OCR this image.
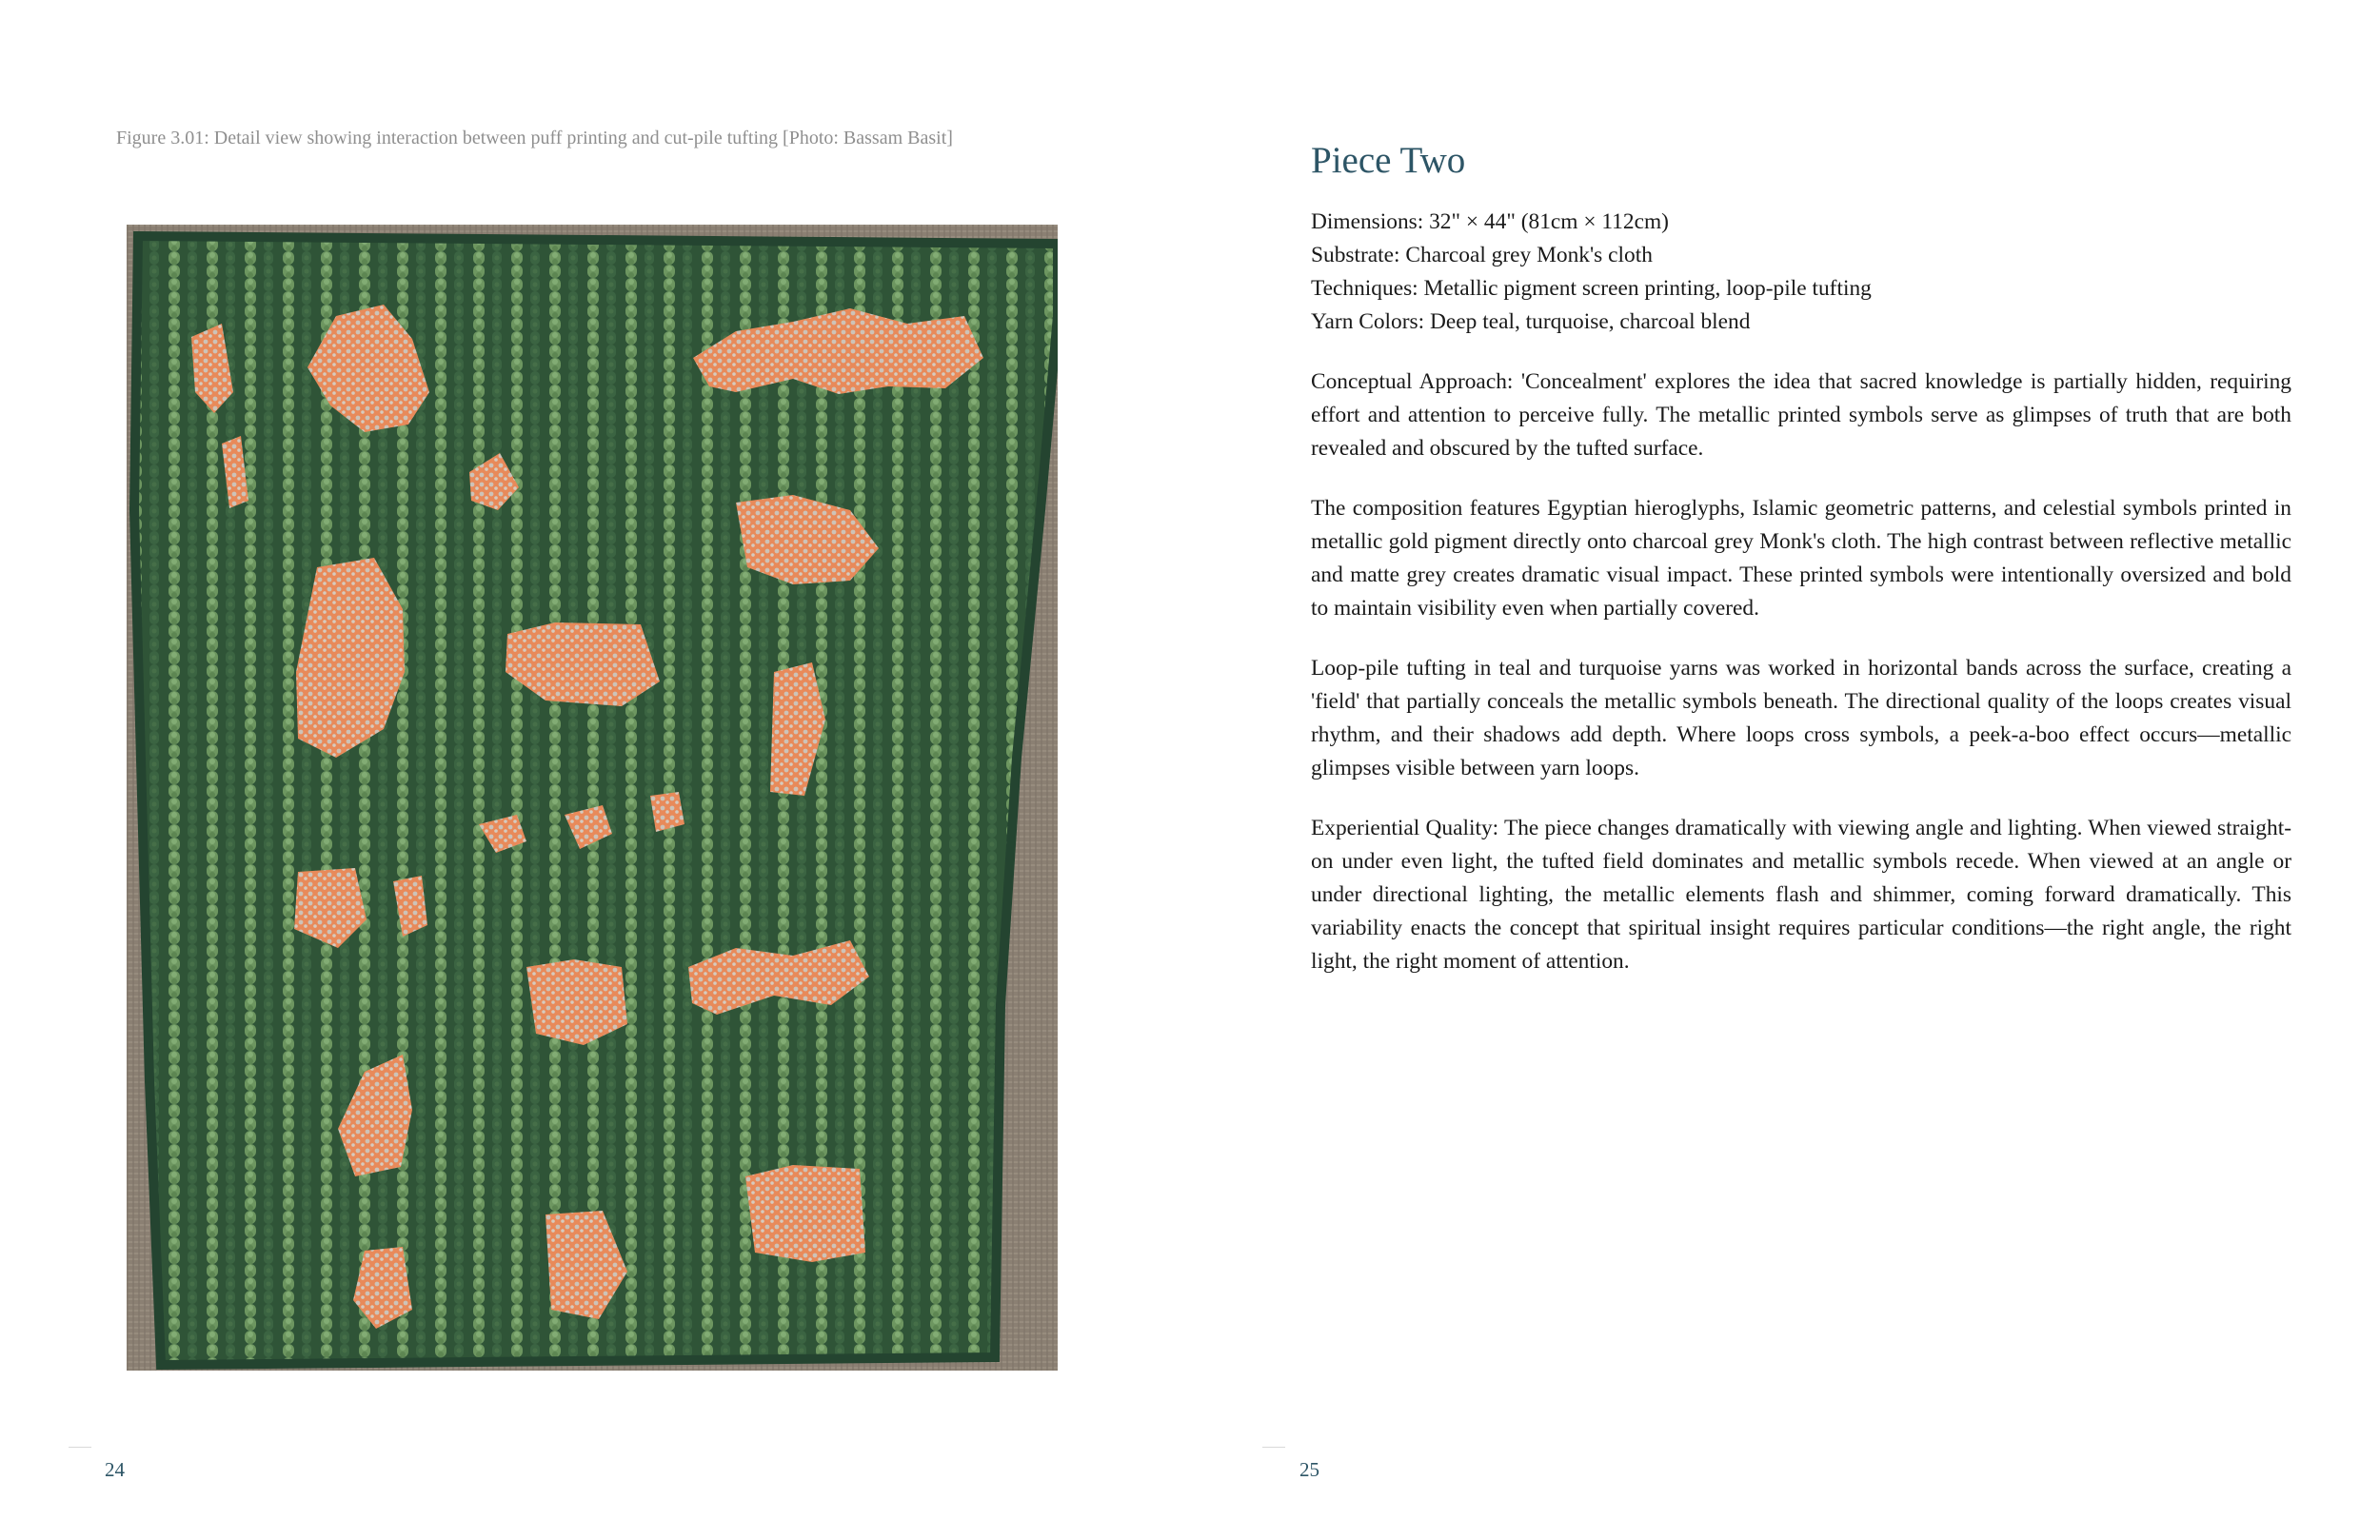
Figure 3.01: Detail view showing interaction between puff printing and cut-pile tufting [Photo: Bassam Basit]
24
Piece Two
Dimensions: 32" × 44" (81cm × 112cm)
Substrate: Charcoal grey Monk's cloth
Techniques: Metallic pigment screen printing, loop-pile tufting
Yarn Colors: Deep teal, turquoise, charcoal blend

Conceptual Approach: 'Concealment' explores the idea that sacred knowledge is partially hidden, requiring effort and attention to perceive fully. The metallic printed symbols serve as glimpses of truth that are both revealed and obscured by the tufted surface.

The composition features Egyptian hieroglyphs, Islamic geometric patterns, and celestial symbols printed in metallic gold pigment directly onto charcoal grey Monk's cloth. The high contrast between reflective metallic and matte grey creates dramatic visual impact. These printed symbols were intentionally oversized and bold to maintain visibility even when partially covered.

Loop-pile tufting in teal and turquoise yarns was worked in horizontal bands across the surface, creating a 'field' that partially conceals the metallic symbols beneath. The directional quality of the loops creates visual rhythm, and their shadows add depth. Where loops cross symbols, a peek-a-boo effect occurs—metallic glimpses visible between yarn loops.

Experiential Quality: The piece changes dramatically with viewing angle and lighting. When viewed straight-on under even light, the tufted field dominates and metallic symbols recede. When viewed at an angle or under directional lighting, the metallic elements flash and shimmer, coming forward dramatically. This variability enacts the concept that spiritual insight requires particular conditions—the right angle, the right light, the right moment of attention.

25
